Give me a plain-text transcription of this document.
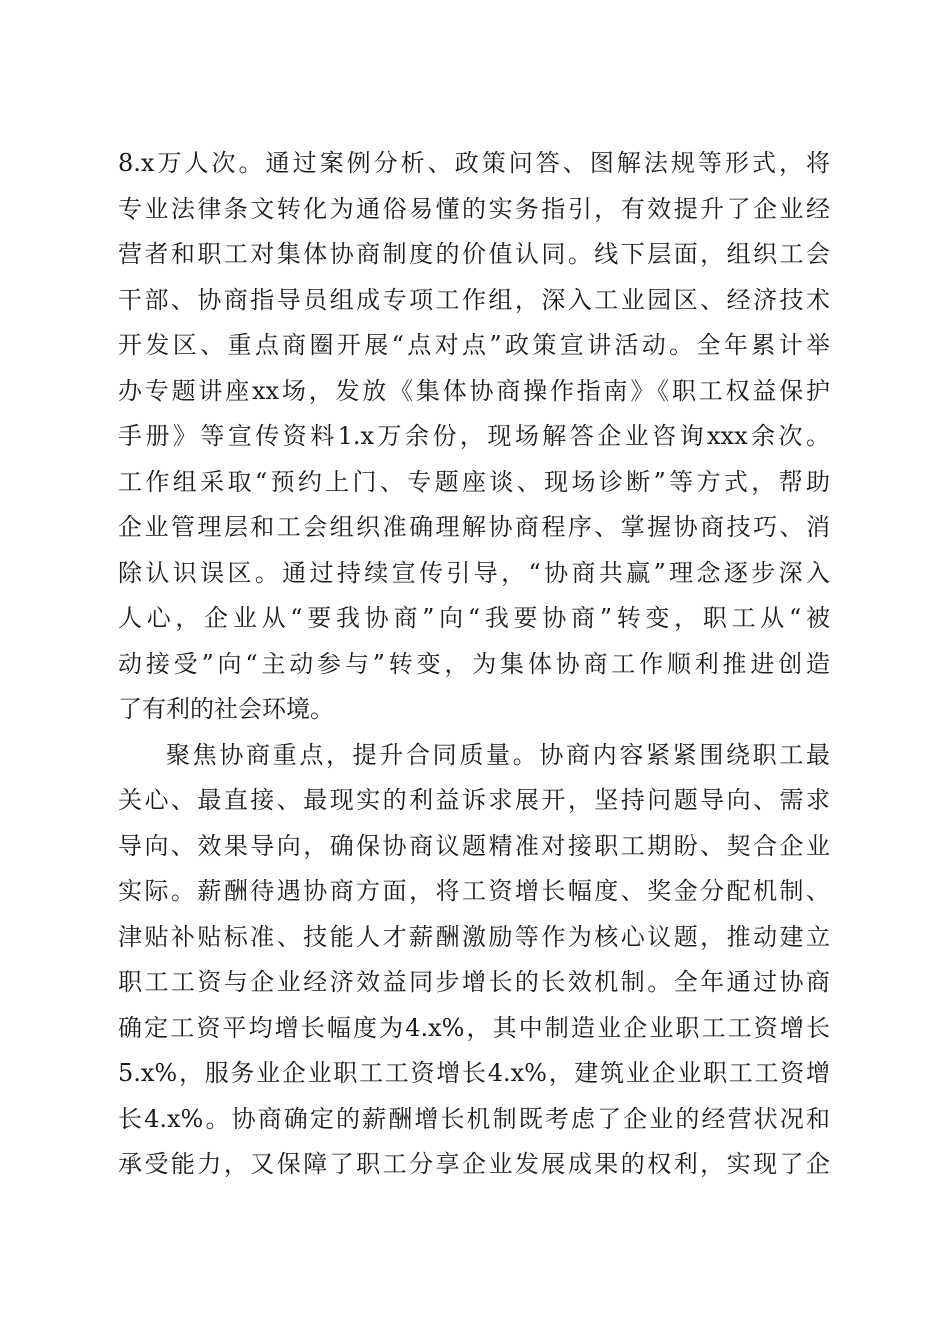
8.x万人次。通过案例分析、政策问答、图解法规等形式，将
专业法律条文转化为通俗易懂的实务指引，有效提升了企业经
营者和职工对集体协商制度的价值认同。线下层面，组织工会
干部、协商指导员组成专项工作组，深入工业园区、经济技术
开发区、重点商圈开展“点对点”政策宣讲活动。全年累计举
办专题讲座xx场，发放《集体协商操作指南》《职工权益保护
手册》等宣传资料1.x万余份，现场解答企业咨询xxx余次。
工作组采取“预约上门、专题座谈、现场诊断”等方式，帮助
企业管理层和工会组织准确理解协商程序、掌握协商技巧、消
除认识误区。通过持续宣传引导，“协商共赢”理念逐步深入
人心，企业从“要我协商”向“我要协商”转变，职工从“被
动接受”向“主动参与”转变，为集体协商工作顺利推进创造
了有利的社会环境。
聚焦协商重点，提升合同质量。协商内容紧紧围绕职工最
关心、最直接、最现实的利益诉求展开，坚持问题导向、需求
导向、效果导向，确保协商议题精准对接职工期盼、契合企业
实际。薪酬待遇协商方面，将工资增长幅度、奖金分配机制、
津贴补贴标准、技能人才薪酬激励等作为核心议题，推动建立
职工工资与企业经济效益同步增长的长效机制。全年通过协商
确定工资平均增长幅度为4.x%，其中制造业企业职工工资增长
5.x%，服务业企业职工工资增长4.x%，建筑业企业职工工资增
长4.x%。协商确定的薪酬增长机制既考虑了企业的经营状况和
承受能力，又保障了职工分享企业发展成果的权利，实现了企
